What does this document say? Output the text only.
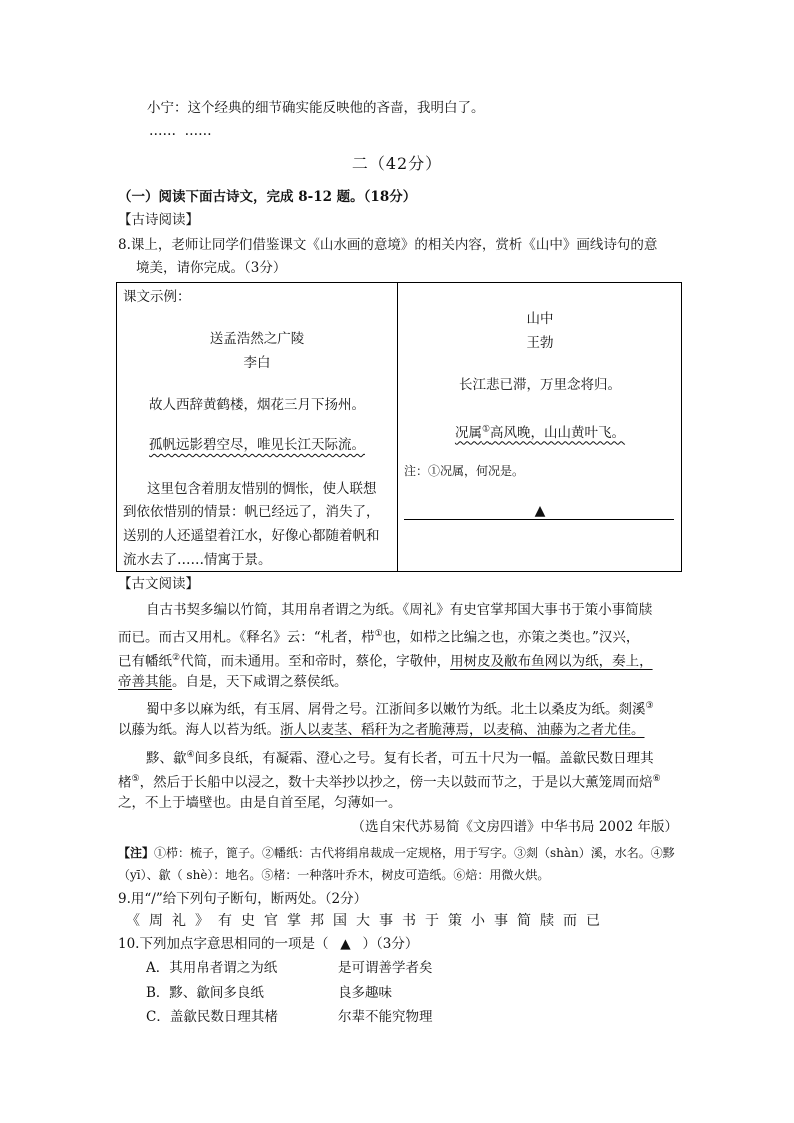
小宁：这个经典的细节确实能反映他的吝啬，我明白了。
……  ……
二（42分）
（一）阅读下面古诗文，完成 8-12 题。（18分）
【古诗阅读】
8.课上，老师让同学们借鉴课文《山水画的意境》的相关内容，赏析《山中》画线诗句的意
境美，请你完成。（3分）
课文示例：
送孟浩然之广陵
李白
故人西辞黄鹤楼，烟花三月下扬州。
孤帆远影碧空尽，唯见长江天际流。
这里包含着朋友惜别的惆怅，使人联想
到依依惜别的情景：帆已经远了，消失了，
送别的人还遥望着江水，好像心都随着帆和
流水去了……情寓于景。
山中
王勃
长江悲已滞，万里念将归。
况属①高风晚，山山黄叶飞。
注：①况属，何况是。
▲
【古文阅读】
自古书契多编以竹简，其用帛者谓之为纸。《周礼》有史官掌邦国大事书于策小事简牍
而已。而古又用札。《释名》云：“札者，栉①也，如栉之比编之也，亦策之类也。”汉兴，
已有幡纸②代简，而未通用。至和帝时，蔡伦，字敬仲，用树皮及敝布鱼网以为纸，奏上，
帝善其能。自是，天下咸谓之蔡侯纸。
蜀中多以麻为纸，有玉屑、屑骨之号。江浙间多以嫩竹为纸。北土以桑皮为纸。剡溪③
以藤为纸。海人以苔为纸。浙人以麦茎、稻秆为之者脆薄焉，以麦稿、油藤为之者尤佳。
黟、歙④间多良纸，有凝霜、澄心之号。复有长者，可五十尺为一幅。盖歙民数日理其
楮⑤，然后于长船中以浸之，数十夫举抄以抄之，傍一夫以鼓而节之，于是以大薰笼周而焙⑥
之，不上于墙壁也。由是自首至尾，匀薄如一。
（选自宋代苏易简《文房四谱》中华书局 2002 年版）
【注】①栉：梳子，篦子。②幡纸：古代将绢帛裁成一定规格，用于写字。③剡（shàn）溪，水名。④黟
（yī）、歙（ shè）：地名。⑤楮：一种落叶乔木，树皮可造纸。⑥焙：用微火烘。
9.用“/”给下列句子断句，断两处。（2分）
《周礼》有史官掌邦国大事书于策小事简牍而已
10.下列加点字意思相同的一项是（ ▲ ）（3分）
A．其用帛者谓之为纸	是可谓善学者矣
B．黟、歙间多良纸	良多趣味
C．盖歙民数日理其楮	尔辈不能究物理
